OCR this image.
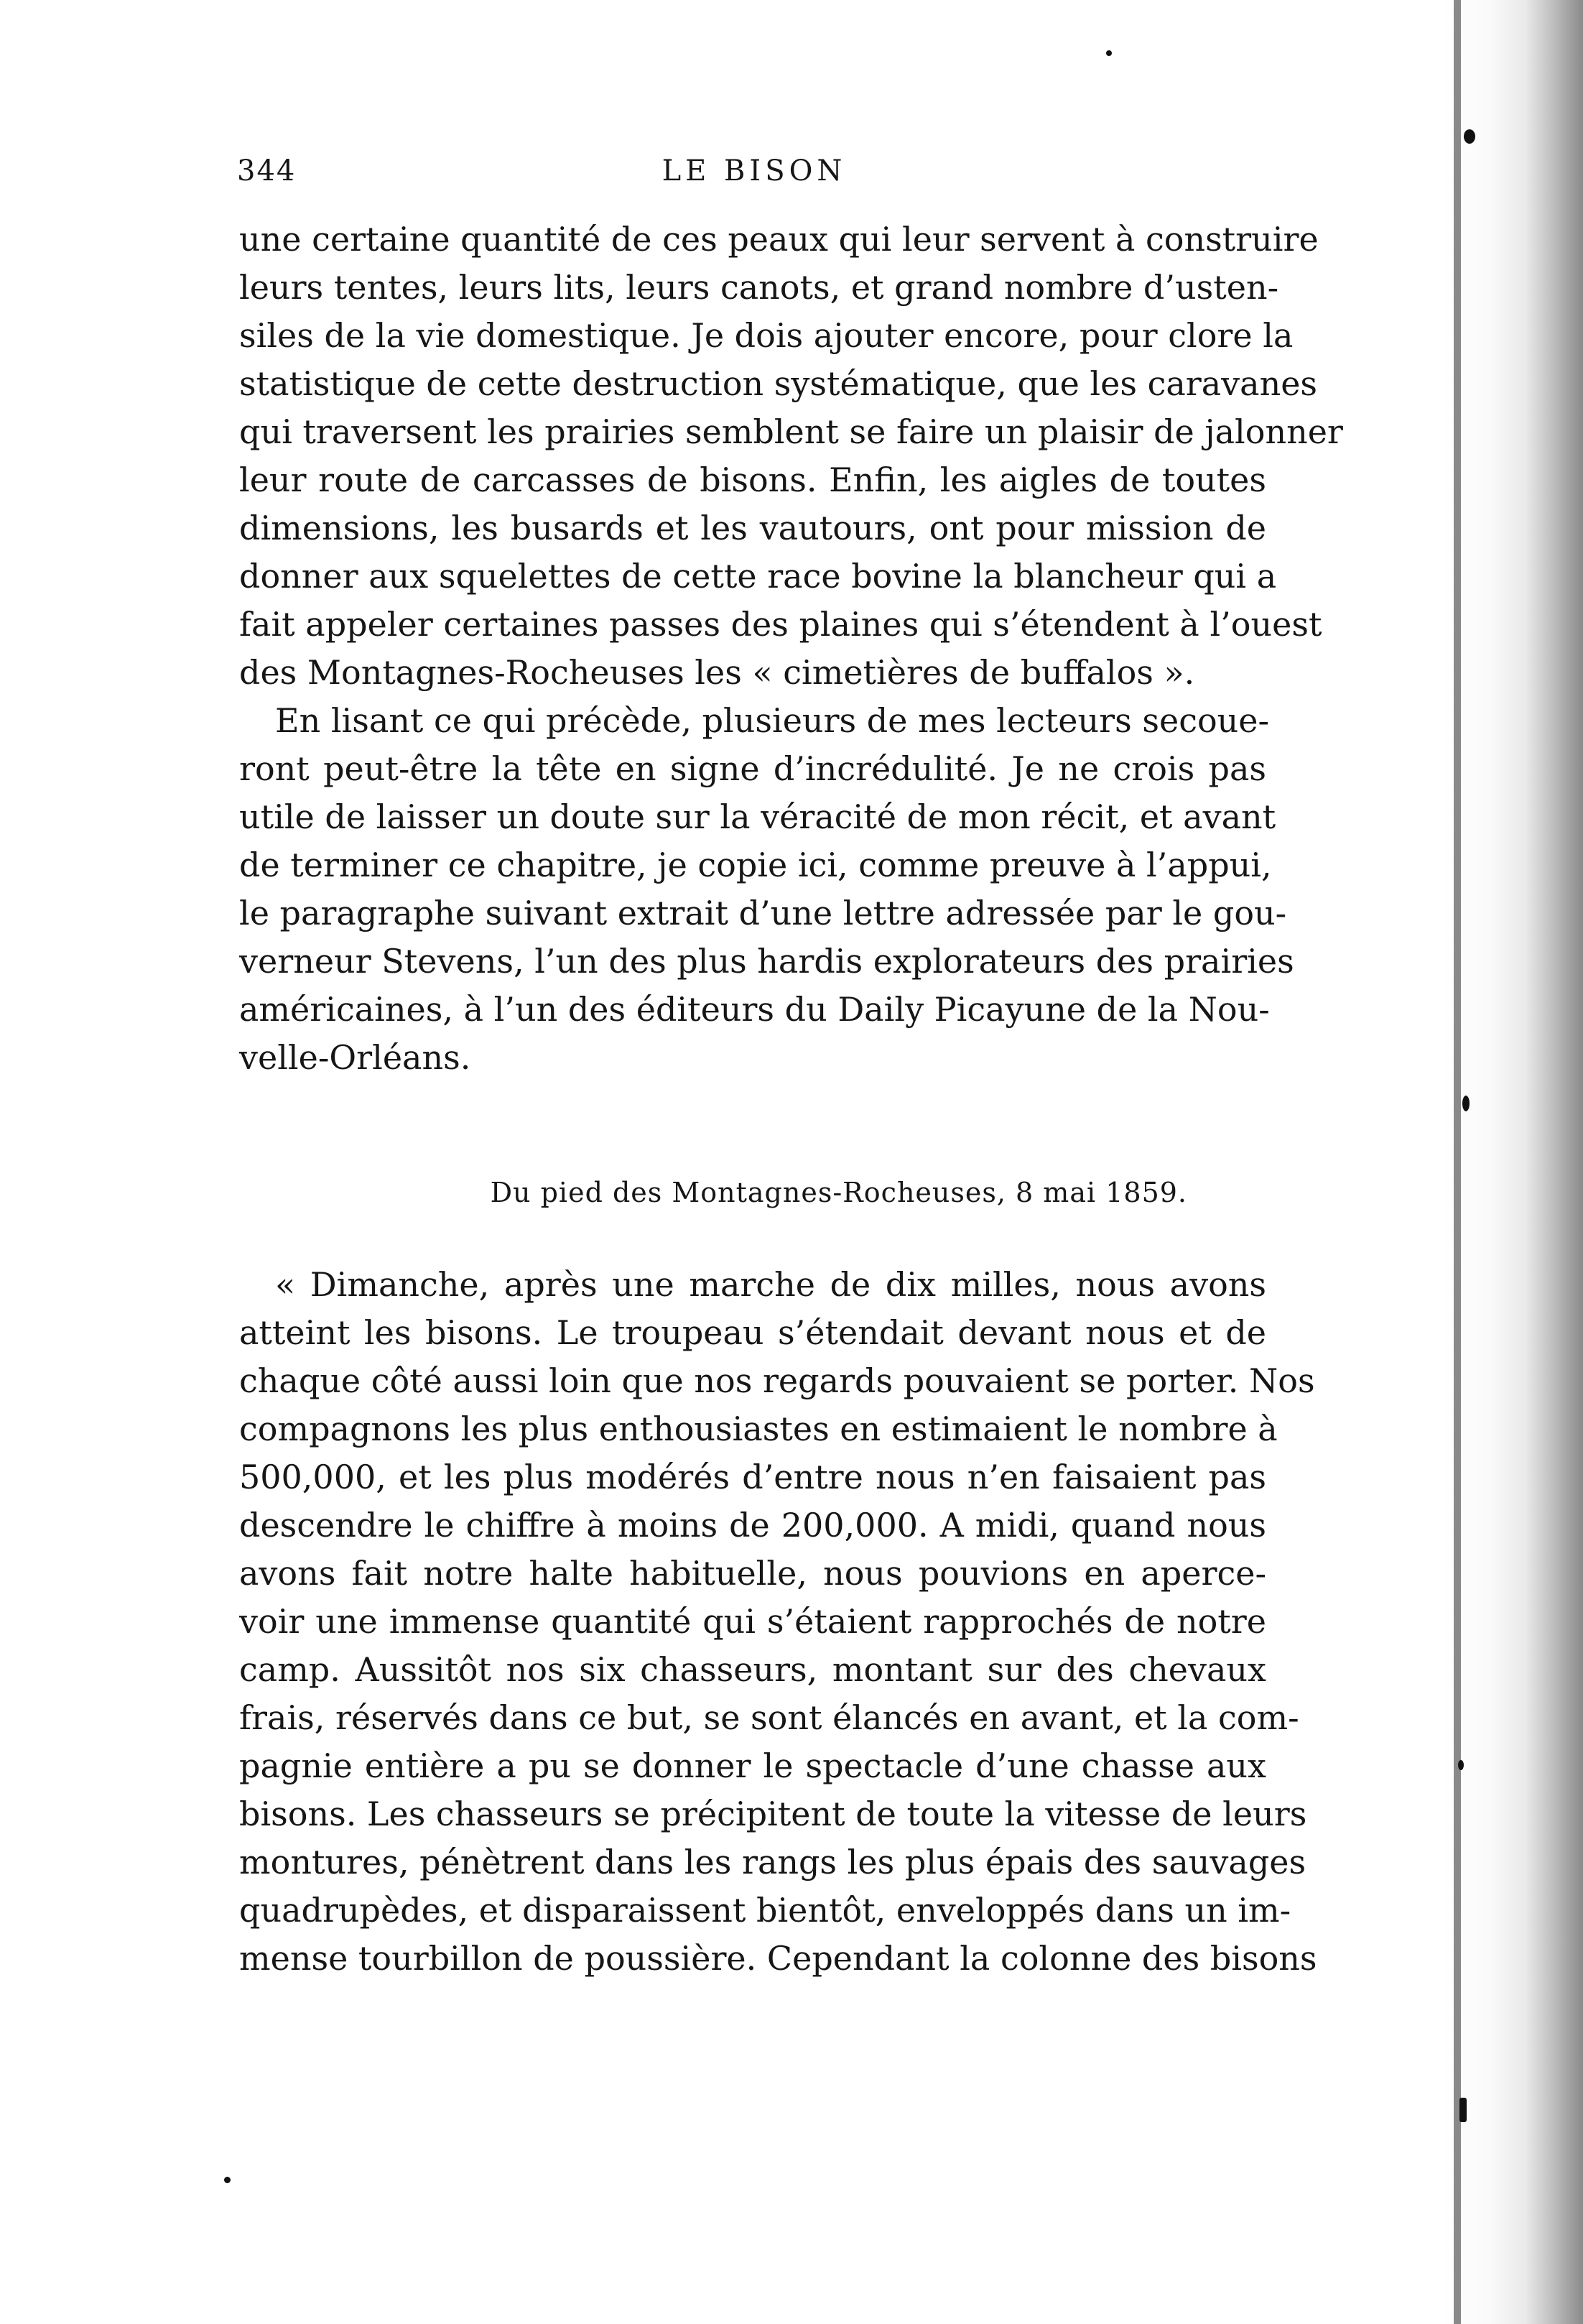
344	LE BISON
une certaine quantité de ces peaux qui leur servent à construire
leurs tentes, leurs lits, leurs canots, et grand nombre d’usten-
siles de la vie domestique. Je dois ajouter encore, pour clore la
statistique de cette destruction systématique, que les caravanes
qui traversent les prairies semblent se faire un plaisir de jalonner
leur route de carcasses de bisons. Enfin, les aigles de toutes
dimensions, les busards et les vautours, ont pour mission de
donner aux squelettes de cette race bovine la blancheur qui a
fait appeler certaines passes des plaines qui s’étendent à l’ouest
des Montagnes-Rocheuses les « cimetières de buffalos ».
En lisant ce qui précède, plusieurs de mes lecteurs secoue-
ront peut-être la tête en signe d’incrédulité. Je ne crois pas
utile de laisser un doute sur la véracité de mon récit, et avant
de terminer ce chapitre, je copie ici, comme preuve à l’appui,
le paragraphe suivant extrait d’une lettre adressée par le gou-
verneur Stevens, l’un des plus hardis explorateurs des prairies
américaines, à l’un des éditeurs du Daily Picayune de la Nou-
velle-Orléans.
Du pied des Montagnes-Rocheuses, 8 mai 1859.
« Dimanche, après une marche de dix milles, nous avons
atteint les bisons. Le troupeau s’étendait devant nous et de
chaque côté aussi loin que nos regards pouvaient se porter. Nos
compagnons les plus enthousiastes en estimaient le nombre à
500,000, et les plus modérés d’entre nous n’en faisaient pas
descendre le chiffre à moins de 200,000. A midi, quand nous
avons fait notre halte habituelle, nous pouvions en aperce-
voir une immense quantité qui s’étaient rapprochés de notre
camp. Aussitôt nos six chasseurs, montant sur des chevaux
frais, réservés dans ce but, se sont élancés en avant, et la com-
pagnie entière a pu se donner le spectacle d’une chasse aux
bisons. Les chasseurs se précipitent de toute la vitesse de leurs
montures, pénètrent dans les rangs les plus épais des sauvages
quadrupèdes, et disparaissent bientôt, enveloppés dans un im-
mense tourbillon de poussière. Cependant la colonne des bisons
